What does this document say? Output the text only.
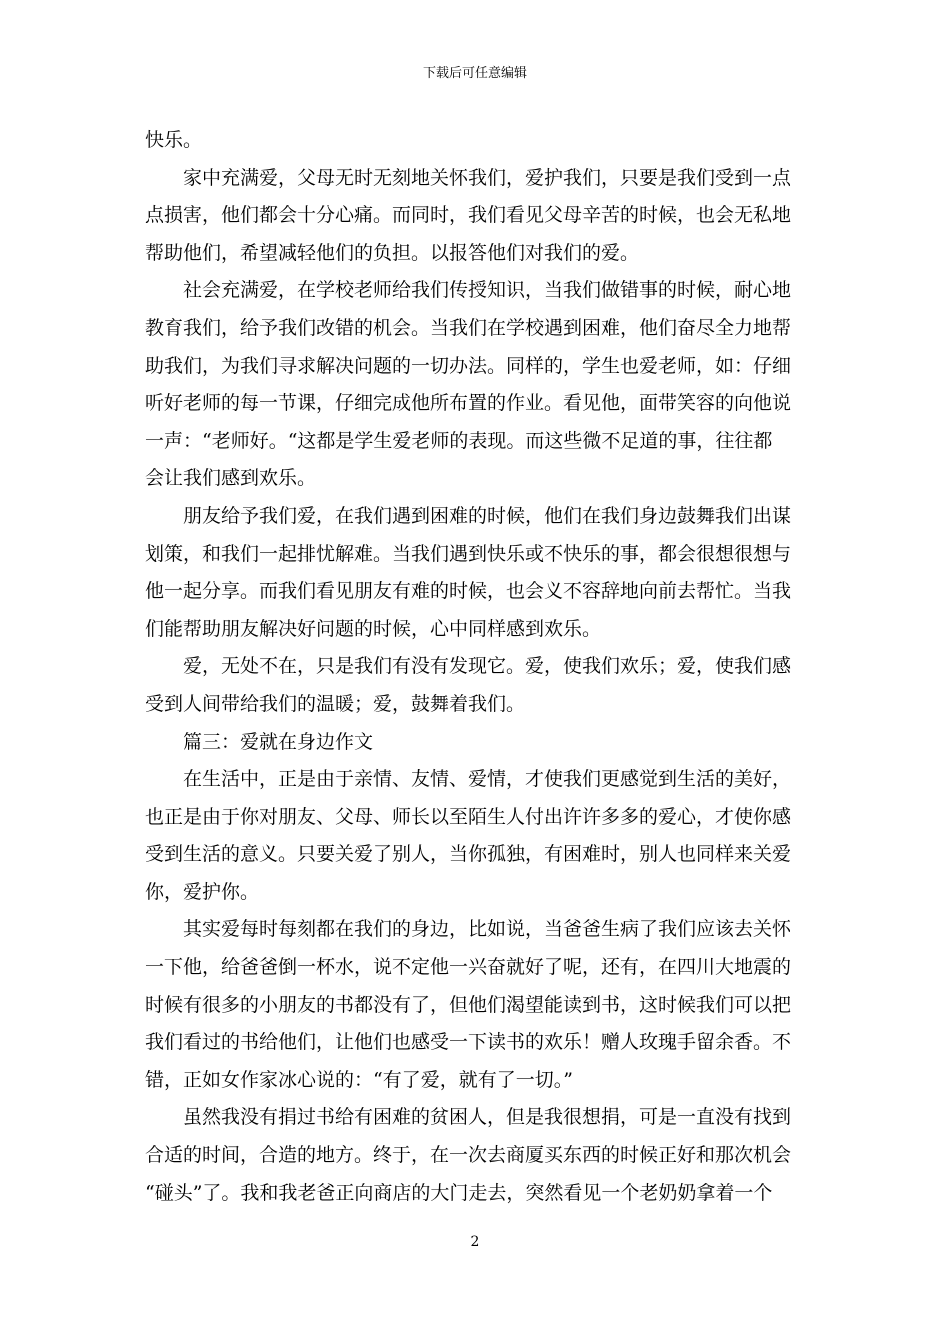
下载后可任意编辑
快乐。
家中充满爱，父母无时无刻地关怀我们，爱护我们，只要是我们受到一点
点损害，他们都会十分心痛。而同时，我们看见父母辛苦的时候，也会无私地
帮助他们，希望减轻他们的负担。以报答他们对我们的爱。
社会充满爱，在学校老师给我们传授知识，当我们做错事的时候，耐心地
教育我们，给予我们改错的机会。当我们在学校遇到困难，他们奋尽全力地帮
助我们，为我们寻求解决问题的一切办法。同样的，学生也爱老师，如：仔细
听好老师的每一节课，仔细完成他所布置的作业。看见他，面带笑容的向他说
一声：“老师好。“这都是学生爱老师的表现。而这些微不足道的事，往往都
会让我们感到欢乐。
朋友给予我们爱，在我们遇到困难的时候，他们在我们身边鼓舞我们出谋
划策，和我们一起排忧解难。当我们遇到快乐或不快乐的事，都会很想很想与
他一起分享。而我们看见朋友有难的时候，也会义不容辞地向前去帮忙。当我
们能帮助朋友解决好问题的时候，心中同样感到欢乐。
爱，无处不在，只是我们有没有发现它。爱，使我们欢乐；爱，使我们感
受到人间带给我们的温暖；爱，鼓舞着我们。
篇三：爱就在身边作文
在生活中，正是由于亲情、友情、爱情，才使我们更感觉到生活的美好，
也正是由于你对朋友、父母、师长以至陌生人付出许许多多的爱心，才使你感
受到生活的意义。只要关爱了别人，当你孤独，有困难时，别人也同样来关爱
你，爱护你。
其实爱每时每刻都在我们的身边，比如说，当爸爸生病了我们应该去关怀
一下他，给爸爸倒一杯水，说不定他一兴奋就好了呢，还有，在四川大地震的
时候有很多的小朋友的书都没有了，但他们渴望能读到书，这时候我们可以把
我们看过的书给他们，让他们也感受一下读书的欢乐！赠人玫瑰手留余香。不
错，正如女作家冰心说的：“有了爱，就有了一切。”
虽然我没有捐过书给有困难的贫困人，但是我很想捐，可是一直没有找到
合适的时间，合造的地方。终于，在一次去商厦买东西的时候正好和那次机会
“碰头”了。我和我老爸正向商店的大门走去，突然看见一个老奶奶拿着一个
2
